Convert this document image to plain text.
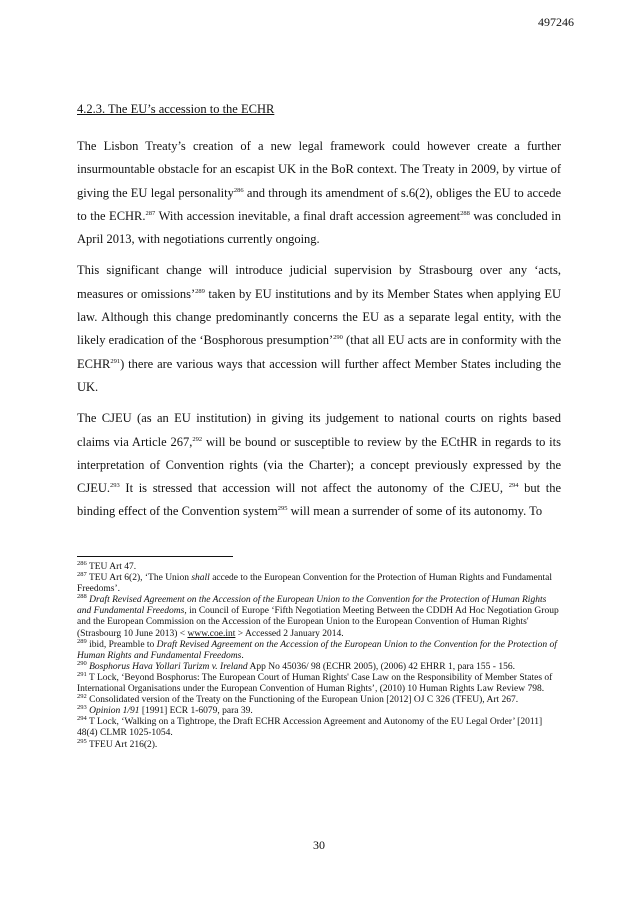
497246

4.2.3. The EU’s accession to the ECHR

The Lisbon Treaty’s creation of a new legal framework could however create a further insurmountable obstacle for an escapist UK in the BoR context. The Treaty in 2009, by virtue of giving the EU legal personality$^{286}$ and through its amendment of s.6(2), obliges the EU to accede to the ECHR.$^{287}$ With accession inevitable, a final draft accession agreement$^{288}$ was concluded in April 2013, with negotiations currently ongoing.

This significant change will introduce judicial supervision by Strasbourg over any ‘acts, measures or omissions’$^{289}$ taken by EU institutions and by its Member States when applying EU law. Although this change predominantly concerns the EU as a separate legal entity, with the likely eradication of the ‘Bosphorous presumption’$^{290}$ (that all EU acts are in conformity with the ECHR$^{291}$) there are various ways that accession will further affect Member States including the UK.

The CJEU (as an EU institution) in giving its judgement to national courts on rights based claims via Article 267,$^{292}$ will be bound or susceptible to review by the ECtHR in regards to its interpretation of Convention rights (via the Charter); a concept previously expressed by the CJEU.$^{293}$ It is stressed that accession will not affect the autonomy of the CJEU, $^{294}$ but the binding effect of the Convention system$^{295}$ will mean a surrender of some of its autonomy. To

$^{286}$ TEU Art 47.

$^{287}$ TEU Art 6(2), ‘The Union shall accede to the European Convention for the Protection of Human Rights and Fundamental Freedoms’.

$^{288}$ Draft Revised Agreement on the Accession of the European Union to the Convention for the Protection of Human Rights and Fundamental Freedoms, in Council of Europe ‘Fifth Negotiation Meeting Between the CDDH Ad Hoc Negotiation Group and the European Commission on the Accession of the European Union to the European Convention of Human Rights' (Strasbourg 10 June 2013) < www.coe.int > Accessed 2 January 2014.

$^{289}$ ibid, Preamble to Draft Revised Agreement on the Accession of the European Union to the Convention for the Protection of Human Rights and Fundamental Freedoms.

$^{290}$ Bosphorus Hava Yollari Turizm v. Ireland App No 45036/ 98 (ECHR 2005), (2006) 42 EHRR 1, para 155 - 156.

$^{291}$ T Lock, ‘Beyond Bosphorus: The European Court of Human Rights' Case Law on the Responsibility of Member States of International Organisations under the European Convention of Human Rights’, (2010) 10 Human Rights Law Review 798.

$^{292}$ Consolidated version of the Treaty on the Functioning of the European Union [2012] OJ C 326 (TFEU), Art 267.

$^{293}$ Opinion 1/91 [1991] ECR 1-6079, para 39.

$^{294}$ T Lock, ‘Walking on a Tightrope, the Draft ECHR Accession Agreement and Autonomy of the EU Legal Order’ [2011] 48(4) CLMR 1025-1054.

$^{295}$ TFEU Art 216(2).

30
